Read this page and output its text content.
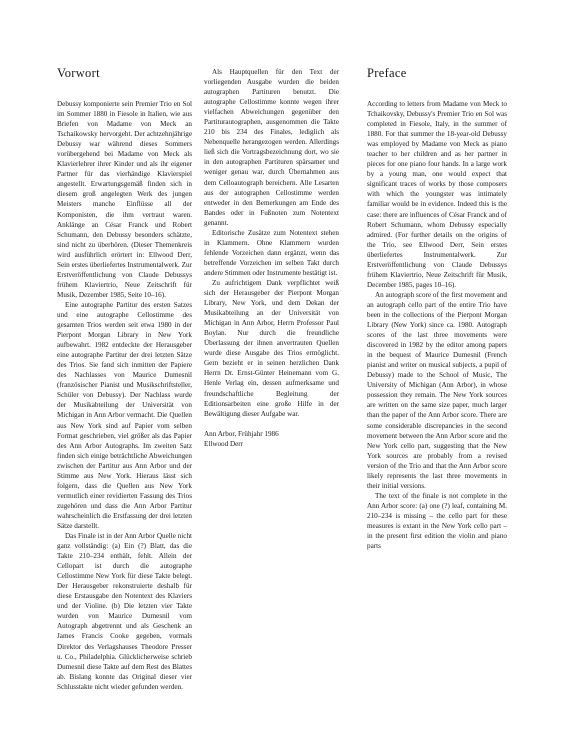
Vorwort

Debussy komponierte sein Premier Trio en Sol im Sommer 1880 in Fiesole in Italien, wie aus Briefen von Madame von Meck an Tschaikowsky hervorgeht. Der achtzehnjährige Debussy war während dieses Sommers vorübergehend bei Madame von Meck als Klavierlehrer ihrer Kinder und als ihr eigener Partner für das vierhändige Klavierspiel angestellt. Erwartungsgemäß finden sich in diesem groß angelegten Werk des jungen Meisters manche Einflüsse all der Komponisten, die ihm vertraut waren. Anklänge an César Franck und Robert Schumann, den Debussy besonders schätzte, sind nicht zu überhören. (Dieser Themenkreis wird ausführlich erörtert in: Ellwood Derr, Sein erstes überliefertes Instrumentalwerk. Zur Erstveröffentlichung von Claude Debussys frühem Klaviertrio, Neue Zeitschrift für Musik, Dezember 1985, Seite 10–16).

Eine autographe Partitur des ersten Satzes und eine autographe Cellostimme des gesamten Trios werden seit etwa 1980 in der Pierpont Morgan Library in New York aufbewahrt. 1982 entdeckte der Herausgeber eine autographe Partitur der drei letzten Sätze des Trios. Sie fand sich inmitten der Papiere des Nachlasses von Maurice Dumesnil (französischer Pianist und Musikschriftsteller, Schüler von Debussy). Der Nachlass wurde der Musikabteilung der Universität von Michigan in Ann Arbor vermacht. Die Quellen aus New York sind auf Papier vom selben Format geschrieben, viel größer als das Papier des Ann Arbor Autographs. Im zweiten Satz finden sich einige beträchtliche Abweichungen zwischen der Partitur aus Ann Arbor und der Stimme aus New York. Hieraus lässt sich folgern, dass die Quellen aus New York vermutlich einer revidierten Fassung des Trios zugehören und dass die Ann Arbor Partitur wahrscheinlich die Erstfassung der drei letzten Sätze darstellt.

Das Finale ist in der Ann Arbor Quelle nicht ganz vollständig: (a) Ein (?) Blatt, das die Takte 210–234 enthält, fehlt. Allein der Cellopart ist durch die autographe Cellostimme New York für diese Takte belegt. Der Herausgeber rekonstruierte deshalb für diese Erstausgabe den Notentext des Klaviers und der Violine. (b) Die letzten vier Takte wurden von Maurice Dumesnil vom Autograph abgetrennt und als Geschenk an James Francis Cooke gegeben, vormals Direktor des Verlagshauses Theodore Presser u. Co., Philadelphia. Glücklicherweise schrieb Dumesnil diese Takte auf dem Rest des Blattes ab. Bislang konnte das Original dieser vier Schlusstakte nicht wieder gefunden werden.

Als Hauptquellen für den Text der vorliegenden Ausgabe wurden die beiden autographen Partituren benutzt. Die autographe Cellostimme konnte wegen ihrer vielfachen Abweichungen gegenüber den Partiturautographen, ausgenommen die Takte 210 bis 234 des Finales, lediglich als Nebenquelle herangezogen werden. Allerdings ließ sich die Vortragsbezeichnung dort, wo sie in den autographen Partituren spärsamer und weniger genau war, durch Übernahmen aus dem Celloautograph bereichern. Alle Lesarten aus der autographen Cellostimme werden entweder in den Bemerkungen am Ende des Bandes oder in Fußnoten zum Notentext genannt.

Editorische Zusätze zum Notentext stehen in Klammern. Ohne Klammern wurden fehlende Vorzeichen dann ergänzt, wenn das betreffende Vorzeichen im selben Takt durch andere Stimmen oder Instrumente bestätigt ist.

Zu aufrichtigem Dank verpflichtet weiß sich der Herausgeber der Pierpont Morgan Library, New York, und dem Dekan der Musikabteilung an der Universität von Michigan in Ann Arbor, Herrn Professor Paul Boylan. Nur durch die freundliche Überlassung der ihnen anvertrauten Quellen wurde diese Ausgabe des Trios ermöglicht. Gern bezieht er in seinen herzlichen Dank Herrn Dr. Ernst-Günter Heinemann vom G. Henle Verlag ein, dessen aufmerksame und freundschaftliche Begleitung der Editionsarbeiten eine große Hilfe in der Bewältigung dieser Aufgabe war.

Ann Arbor, Frühjahr 1986

Ellwood Derr

Preface

According to letters from Madame von Meck to Tchaikovsky, Debussy's Premier Trio en Sol was completed in Fiesole, Italy, in the summer of 1880. For that summer the 18-year-old Debussy was employed by Madame von Meck as piano teacher to her children and as her partner in pieces for one piano four hands. In a large work by a young man, one would expect that significant traces of works by those composers with which the youngster was intimately familiar would be in evidence. Indeed this is the case: there are influences of César Franck and of Robert Schumann, whom Debussy especially admired. (For further details on the origins of the Trio, see Ellwood Derr, Sein erstes überliefertes Instrumentalwerk. Zur Erstveröffentlichung von Claude Debussys frühem Klaviertrio, Neue Zeitschrift für Musik, December 1985, pages 10–16).

An autograph score of the first movement and an autograph cello part of the entire Trio have been in the collections of the Pierpont Morgan Library (New York) since ca. 1980. Autograph scores of the last three movements were discovered in 1982 by the editor among papers in the bequest of Maurice Dumesnil (French pianist and writer on musical subjects, a pupil of Debussy) made to the School of Music, The University of Michigan (Ann Arbor), in whose possession they remain. The New York sources are written on the same size paper, much larger than the paper of the Ann Arbor score. There are some considerable discrepancies in the second movement between the Ann Arbor score and the New York cello part, suggesting that the New York sources are probably from a revised version of the Trio and that the Ann Arbor score likely represents the last three movements in their initial versions.

The text of the finale is not complete in the Ann Arbor score: (a) one (?) leaf, containing M. 210–234 is missing – the cello part for these measures is extant in the New York cello part – in the present first edition the violin and piano parts
